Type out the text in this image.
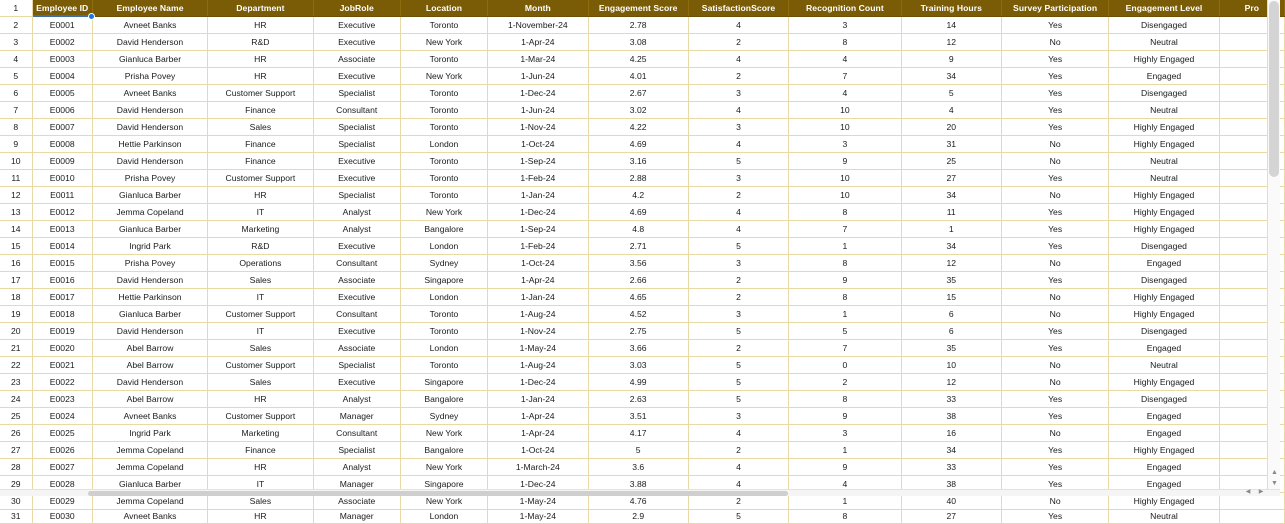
1	Employee ID	Employee Name	Department	JobRole	Location	Month	Engagement Score	SatisfactionScore	Recognition Count	Training Hours	Survey Participation	Engagement Level	Pro
2	E0001	Avneet Banks	HR	Executive	Toronto	1-November-24	2.78	4	3	14	Yes	Disengaged	
3	E0002	David Henderson	R&D	Executive	New York	1-Apr-24	3.08	2	8	12	No	Neutral	
4	E0003	Gianluca Barber	HR	Associate	Toronto	1-Mar-24	4.25	4	4	9	Yes	Highly Engaged	
5	E0004	Prisha Povey	HR	Executive	New York	1-Jun-24	4.01	2	7	34	Yes	Engaged	
6	E0005	Avneet Banks	Customer Support	Specialist	Toronto	1-Dec-24	2.67	3	4	5	Yes	Disengaged	
7	E0006	David Henderson	Finance	Consultant	Toronto	1-Jun-24	3.02	4	10	4	Yes	Neutral	
8	E0007	David Henderson	Sales	Specialist	Toronto	1-Nov-24	4.22	3	10	20	Yes	Highly Engaged	
9	E0008	Hettie Parkinson	Finance	Specialist	London	1-Oct-24	4.69	4	3	31	No	Highly Engaged	
10	E0009	David Henderson	Finance	Executive	Toronto	1-Sep-24	3.16	5	9	25	No	Neutral	
11	E0010	Prisha Povey	Customer Support	Executive	Toronto	1-Feb-24	2.88	3	10	27	Yes	Neutral	
12	E0011	Gianluca Barber	HR	Specialist	Toronto	1-Jan-24	4.2	2	10	34	No	Highly Engaged	
13	E0012	Jemma Copeland	IT	Analyst	New York	1-Dec-24	4.69	4	8	11	Yes	Highly Engaged	
14	E0013	Gianluca Barber	Marketing	Analyst	Bangalore	1-Sep-24	4.8	4	7	1	Yes	Highly Engaged	
15	E0014	Ingrid Park	R&D	Executive	London	1-Feb-24	2.71	5	1	34	Yes	Disengaged	
16	E0015	Prisha Povey	Operations	Consultant	Sydney	1-Oct-24	3.56	3	8	12	No	Engaged	
17	E0016	David Henderson	Sales	Associate	Singapore	1-Apr-24	2.66	2	9	35	Yes	Disengaged	
18	E0017	Hettie Parkinson	IT	Executive	London	1-Jan-24	4.65	2	8	15	No	Highly Engaged	
19	E0018	Gianluca Barber	Customer Support	Consultant	Toronto	1-Aug-24	4.52	3	1	6	No	Highly Engaged	
20	E0019	David Henderson	IT	Executive	Toronto	1-Nov-24	2.75	5	5	6	Yes	Disengaged	
21	E0020	Abel Barrow	Sales	Associate	London	1-May-24	3.66	2	7	35	Yes	Engaged	
22	E0021	Abel Barrow	Customer Support	Specialist	Toronto	1-Aug-24	3.03	5	0	10	No	Neutral	
23	E0022	David Henderson	Sales	Executive	Singapore	1-Dec-24	4.99	5	2	12	No	Highly Engaged	
24	E0023	Abel Barrow	HR	Analyst	Bangalore	1-Jan-24	2.63	5	8	33	Yes	Disengaged	
25	E0024	Avneet Banks	Customer Support	Manager	Sydney	1-Apr-24	3.51	3	9	38	Yes	Engaged	
26	E0025	Ingrid Park	Marketing	Consultant	New York	1-Apr-24	4.17	4	3	16	No	Engaged	
27	E0026	Jemma Copeland	Finance	Specialist	Bangalore	1-Oct-24	5	2	1	34	Yes	Highly Engaged	
28	E0027	Jemma Copeland	HR	Analyst	New York	1-March-24	3.6	4	9	33	Yes	Engaged	
29	E0028	Gianluca Barber	IT	Manager	Singapore	1-Dec-24	3.88	4	4	38	Yes	Engaged	
30	E0029	Jemma Copeland	Sales	Associate	New York	1-May-24	4.76	2	1	40	No	Highly Engaged	
31	E0030	Avneet Banks	HR	Manager	London	1-May-24	2.9	5	8	27	Yes	Neutral	
▲
▼
◀	▶
